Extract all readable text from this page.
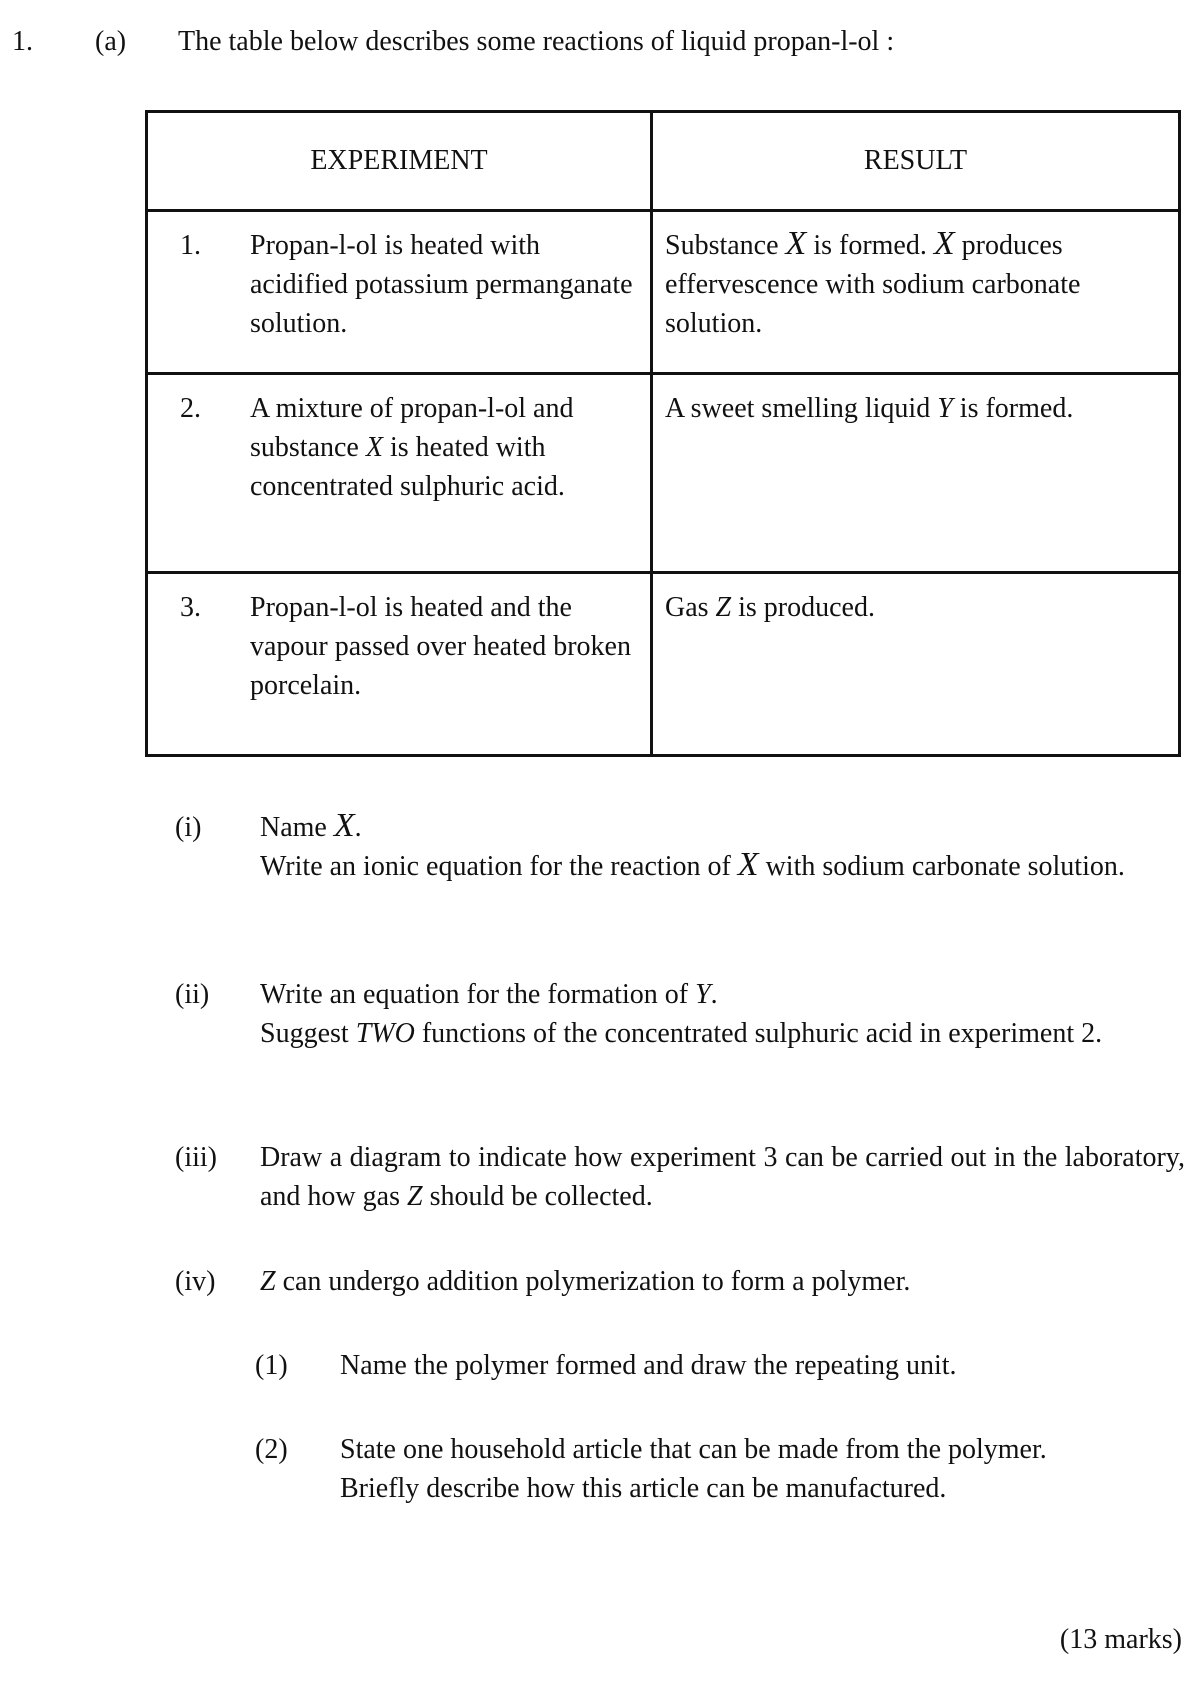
1. (a) The table below describes some reactions of liquid propan-l-ol :
EXPERIMENT	RESULT

1. Propan-l-ol is heated with acidified potassium permanganate solution.	Substance X is formed. X produces effervescence with sodium carbonate solution.

2. A mixture of propan-l-ol and substance X is heated with concentrated sulphuric acid.	A sweet smelling liquid Y is formed.

3. Propan-l-ol is heated and the vapour passed over heated broken porcelain.	Gas Z is produced.
(i) Name X.

Write an ionic equation for the reaction of X with sodium carbonate solution.

(ii) Write an equation for the formation of Y.

Suggest TWO functions of the concentrated sulphuric acid in experiment 2.

(iii) Draw a diagram to indicate how experiment 3 can be carried out in the laboratory, and how gas Z should be collected.

(iv) Z can undergo addition polymerization to form a polymer.

(1) Name the polymer formed and draw the repeating unit.

(2) State one household article that can be made from the polymer.

Briefly describe how this article can be manufactured.

(13 marks)
